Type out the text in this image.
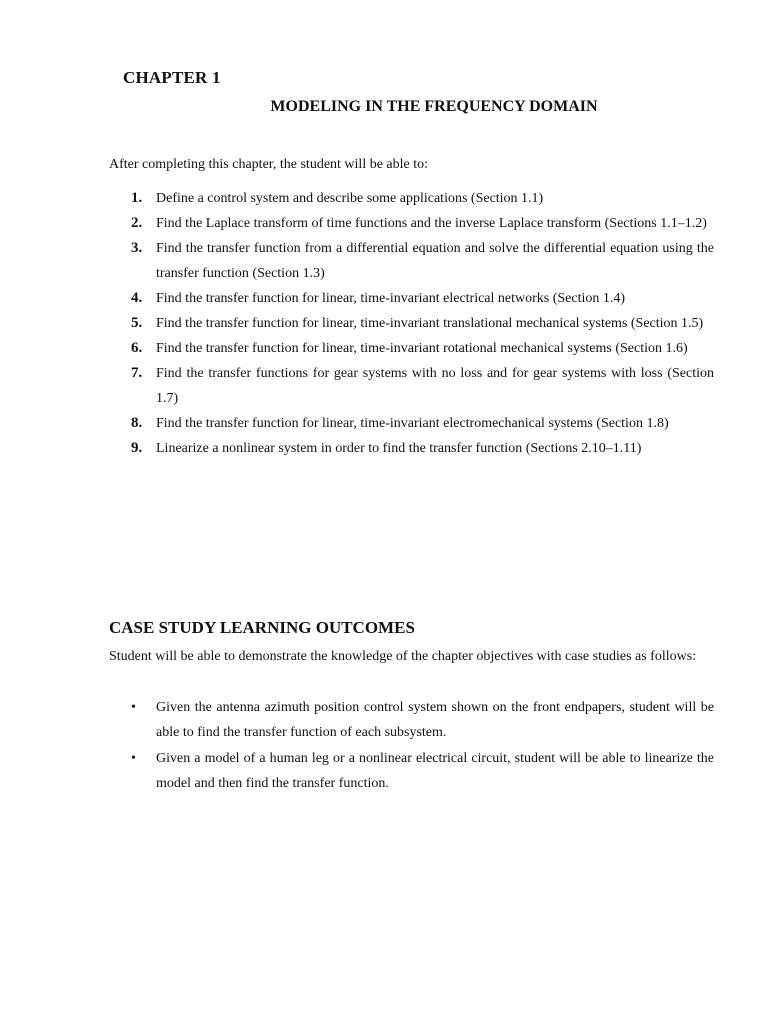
CHAPTER 1
MODELING IN THE FREQUENCY DOMAIN
After completing this chapter, the student will be able to:
1. Define a control system and describe some applications (Section 1.1)
2. Find the Laplace transform of time functions and the inverse Laplace transform (Sections 1.1–1.2)
3. Find the transfer function from a differential equation and solve the differential equation using the transfer function (Section 1.3)
4. Find the transfer function for linear, time-invariant electrical networks (Section 1.4)
5. Find the transfer function for linear, time-invariant translational mechanical systems (Section 1.5)
6. Find the transfer function for linear, time-invariant rotational mechanical systems (Section 1.6)
7. Find the transfer functions for gear systems with no loss and for gear systems with loss (Section 1.7)
8. Find the transfer function for linear, time-invariant electromechanical systems (Section 1.8)
9. Linearize a nonlinear system in order to find the transfer function (Sections 2.10–1.11)
CASE STUDY LEARNING OUTCOMES
Student will be able to demonstrate the knowledge of the chapter objectives with case studies as follows:
• Given the antenna azimuth position control system shown on the front endpapers, student will be able to find the transfer function of each subsystem.
• Given a model of a human leg or a nonlinear electrical circuit, student will be able to linearize the model and then find the transfer function.
